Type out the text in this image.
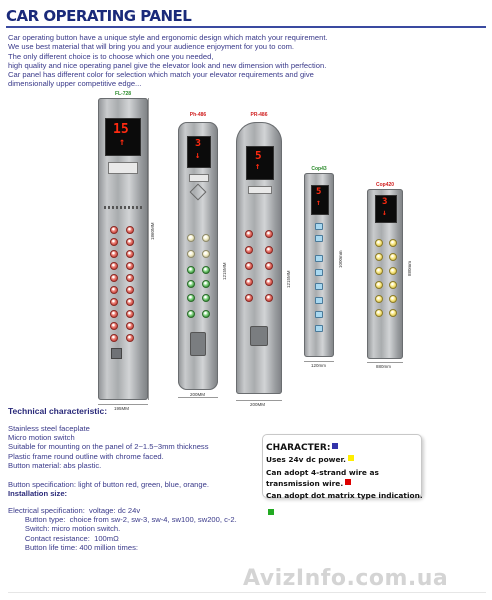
CAR OPERATING PANEL
Car operating button have a unique style and ergonomic design which match your requirement.
We use best material that will bring you and your audience enjoyment for you to com.
The only different choice is to choose which one you needed,
high quality and nice operating panel give the elevator look and new dimension with perfection.
Car panel has different color for selection which match your elevator requirements and give
dimensionally upper competitive edge...
FL-728
15
↑
1860MM
195MM
Ph-486
3
↓
200MM
1215MM
PR-486
5
↑
200MM
1215MM
Cop43
5
↑
120mm
1000mm
Cop420
3
↓
880mm
880mm
Technical characteristic:
Stainless steel faceplate
Micro motion switch
Suitable for mounting on the panel of 2~1.5~3mm thickness
Plastic frame round outline with chrome faced.
Button material: abs plastic.
Button specification: light of button red, green, blue, orange.
Installation size:
Electrical specification:  voltage: dc 24v
Button type:  choice from sw-2, sw-3, sw-4, sw100, sw200, c-2.
Switch: micro motion switch.
Contact resistance:  100mΩ
Button life time: 400 million times:
CHARACTER:
Uses 24v dc power.
Can adopt 4-strand wire as
transmission wire.
Can adopt dot matrix type indication.
AvizInfo.com.ua
